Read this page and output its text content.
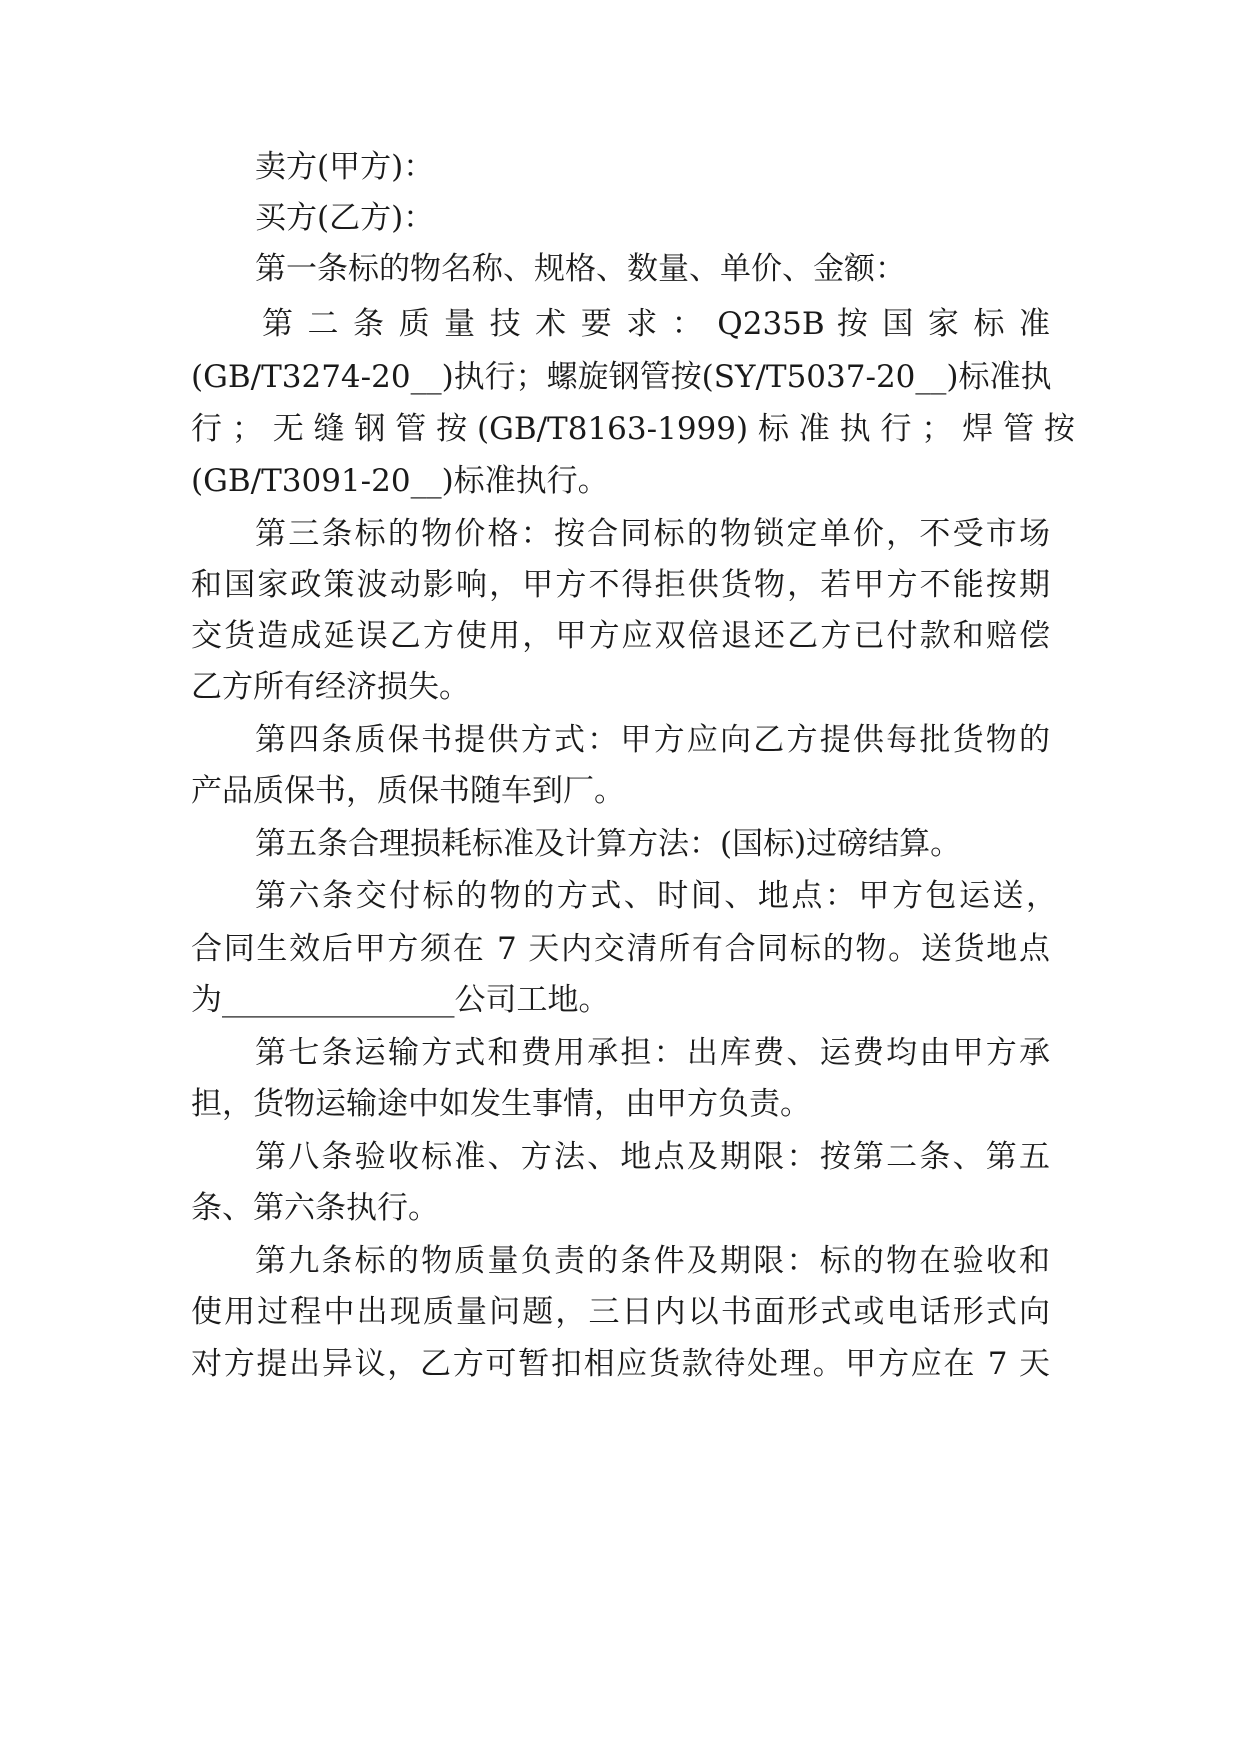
卖方(甲方)：
买方(乙方)：
第一条标的物名称、规格、数量、单价、金额：
第 二 条 质 量 技 术 要 求 ： Q235B 按 国 家 标 准
(GB/T3274-20__)执行；螺旋钢管按(SY/T5037-20__)标准执
行 ； 无 缝 钢 管 按 (GB/T8163-1999) 标 准 执 行 ； 焊 管 按
(GB/T3091-20__)标准执行。
第三条标的物价格：按合同标的物锁定单价，不受市场
和国家政策波动影响，甲方不得拒供货物，若甲方不能按期
交货造成延误乙方使用，甲方应双倍退还乙方已付款和赔偿
乙方所有经济损失。
第四条质保书提供方式：甲方应向乙方提供每批货物的
产品质保书，质保书随车到厂。
第五条合理损耗标准及计算方法：(国标)过磅结算。
第六条交付标的物的方式、时间、地点：甲方包运送，
合同生效后甲方须在 7 天内交清所有合同标的物。送货地点
为_______________公司工地。
第七条运输方式和费用承担：出库费、运费均由甲方承
担，货物运输途中如发生事情，由甲方负责。
第八条验收标准、方法、地点及期限：按第二条、第五
条、第六条执行。
第九条标的物质量负责的条件及期限：标的物在验收和
使用过程中出现质量问题，三日内以书面形式或电话形式向
对方提出异议，乙方可暂扣相应货款待处理。甲方应在 7 天
